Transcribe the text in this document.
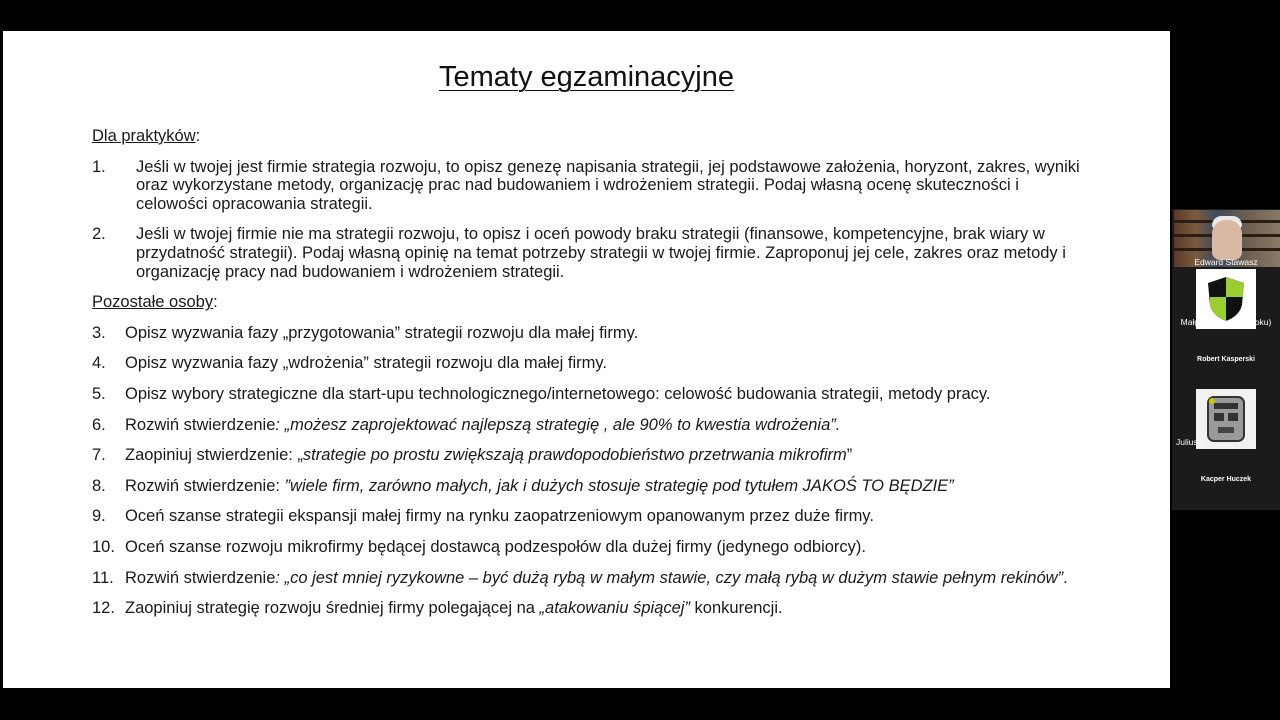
Tematy egzaminacyjne
Dla praktyków:
1.	Jeśli w twojej jest firmie strategia rozwoju, to opisz genezę napisania strategii, jej podstawowe założenia, horyzont, zakres, wyniki oraz wykorzystane metody, organizację prac nad budowaniem i wdrożeniem strategii. Podaj własną ocenę skuteczności i celowości opracowania strategii.
2.	Jeśli w twojej firmie nie ma strategii rozwoju, to opisz i oceń powody braku strategii (finansowe, kompetencyjne, brak wiary w przydatność strategii). Podaj własną opinię na temat potrzeby strategii w twojej firmie. Zaproponuj jej cele, zakres oraz metody i organizację pracy nad budowaniem i wdrożeniem strategii.
Pozostałe osoby:
3.	Opisz wyzwania fazy „przygotowania” strategii rozwoju dla małej firmy.
4.	Opisz wyzwania fazy „wdrożenia” strategii rozwoju dla małej firmy.
5.	Opisz wybory strategiczne dla start-upu technologicznego/internetowego: celowość budowania strategii, metody pracy.
6.	Rozwiń stwierdzenie: „możesz zaprojektować najlepszą strategię , ale 90% to kwestia wdrożenia”.
7.	Zaopiniuj stwierdzenie: „strategie po prostu zwiększają prawdopodobieństwo przetrwania mikrofirm”
8.	Rozwiń stwierdzenie: ”wiele firm, zarówno małych, jak i dużych stosuje strategię pod tytułem JAKOŚ TO BĘDZIE”
9.	Oceń szanse strategii ekspansji małej firmy na rynku zaopatrzeniowym opanowanym przez duże firmy.
10. Oceń szanse rozwoju mikrofirmy będącej dostawcą podzespołów dla dużej firmy (jedynego odbiorcy).
11. Rozwiń stwierdzenie: „co jest mniej ryzykowne – być dużą rybą w małym stawie, czy małą rybą w dużym stawie pełnym rekinów”.
12. Zaopiniuj strategię rozwoju średniej firmy polegającej na „atakowaniu śpiącej” konkurencji.
Edward Stawasz
Małgosia (opiekun roku)
Robert Kasperski
Juliusz
Kacper Huczek
